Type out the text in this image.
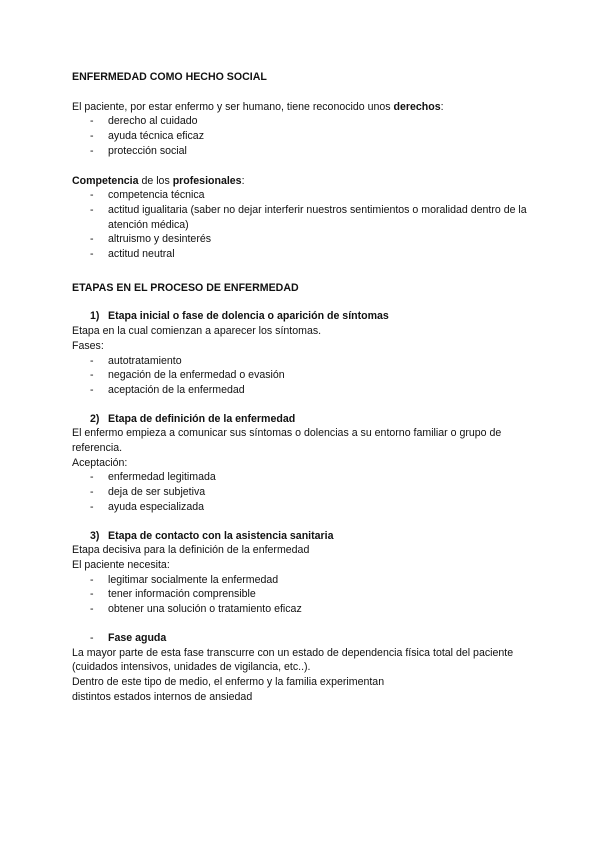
ENFERMEDAD COMO HECHO SOCIAL

El paciente, por estar enfermo y ser humano, tiene reconocido unos derechos:

- derecho al cuidado
- ayuda técnica eficaz
- protección social

Competencia de los profesionales:

- competencia técnica
- actitud igualitaria (saber no dejar interferir nuestros sentimientos o moralidad dentro de la atención médica)
- altruismo y desinterés
- actitud neutral

ETAPAS EN EL PROCESO DE ENFERMEDAD

1) Etapa inicial o fase de dolencia o aparición de síntomas

Etapa en la cual comienzan a aparecer los síntomas.

Fases:

- autotratamiento
- negación de la enfermedad o evasión
- aceptación de la enfermedad

2) Etapa de definición de la enfermedad

El enfermo empieza a comunicar sus síntomas o dolencias a su entorno familiar o grupo de referencia.

Aceptación:

- enfermedad legitimada
- deja de ser subjetiva
- ayuda especializada

3) Etapa de contacto con la asistencia sanitaria

Etapa decisiva para la definición de la enfermedad

El paciente necesita:

- legitimar socialmente la enfermedad
- tener información comprensible
- obtener una solución o tratamiento eficaz

- Fase aguda

La mayor parte de esta fase transcurre con un estado de dependencia física total del paciente (cuidados intensivos, unidades de vigilancia, etc..).

Dentro de este tipo de medio, el enfermo y la familia experimentan

distintos estados internos de ansiedad
